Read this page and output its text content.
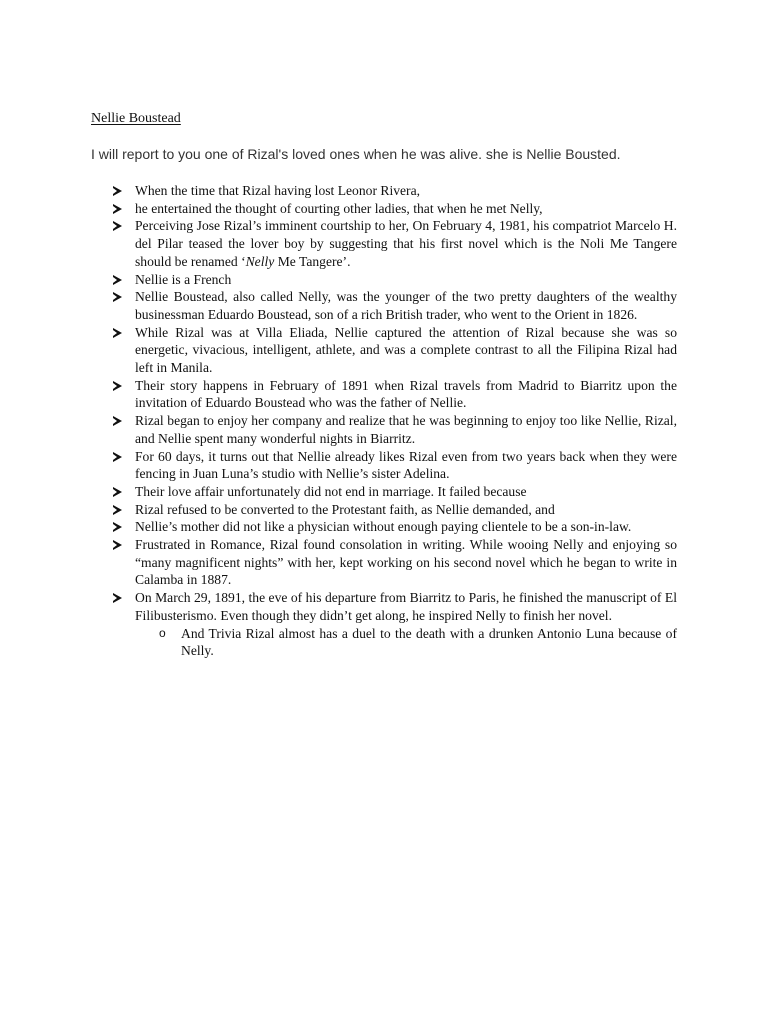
Nellie Boustead

I will report to you one of Rizal's loved ones when he was alive. she is Nellie Bousted.

When the time that Rizal having lost Leonor Rivera,
he entertained the thought of courting other ladies, that when he met Nelly,
Perceiving Jose Rizal’s imminent courtship to her, On February 4, 1981, his compatriot Marcelo H. del Pilar teased the lover boy by suggesting that his first novel which is the Noli Me Tangere should be renamed ‘Nelly Me Tangere’.
Nellie is a French
Nellie Boustead, also called Nelly, was the younger of the two pretty daughters of the wealthy businessman Eduardo Boustead, son of a rich British trader, who went to the Orient in 1826.
While Rizal was at Villa Eliada, Nellie captured the attention of Rizal because she was so energetic, vivacious, intelligent, athlete, and was a complete contrast to all the Filipina Rizal had left in Manila.
Their story happens in February of 1891 when Rizal travels from Madrid to Biarritz upon the invitation of Eduardo Boustead who was the father of Nellie.
Rizal began to enjoy her company and realize that he was beginning to enjoy too like Nellie, Rizal, and Nellie spent many wonderful nights in Biarritz.
For 60 days, it turns out that Nellie already likes Rizal even from two years back when they were fencing in Juan Luna’s studio with Nellie’s sister Adelina.
Their love affair unfortunately did not end in marriage. It failed because
Rizal refused to be converted to the Protestant faith, as Nellie demanded, and
Nellie’s mother did not like a physician without enough paying clientele to be a son-in-law.
Frustrated in Romance, Rizal found consolation in writing. While wooing Nelly and enjoying so “many magnificent nights” with her, kept working on his second novel which he began to write in Calamba in 1887.
On March 29, 1891, the eve of his departure from Biarritz to Paris, he finished the manuscript of El Filibusterismo. Even though they didn’t get along, he inspired Nelly to finish her novel.
o And Trivia Rizal almost has a duel to the death with a drunken Antonio Luna because of Nelly.
